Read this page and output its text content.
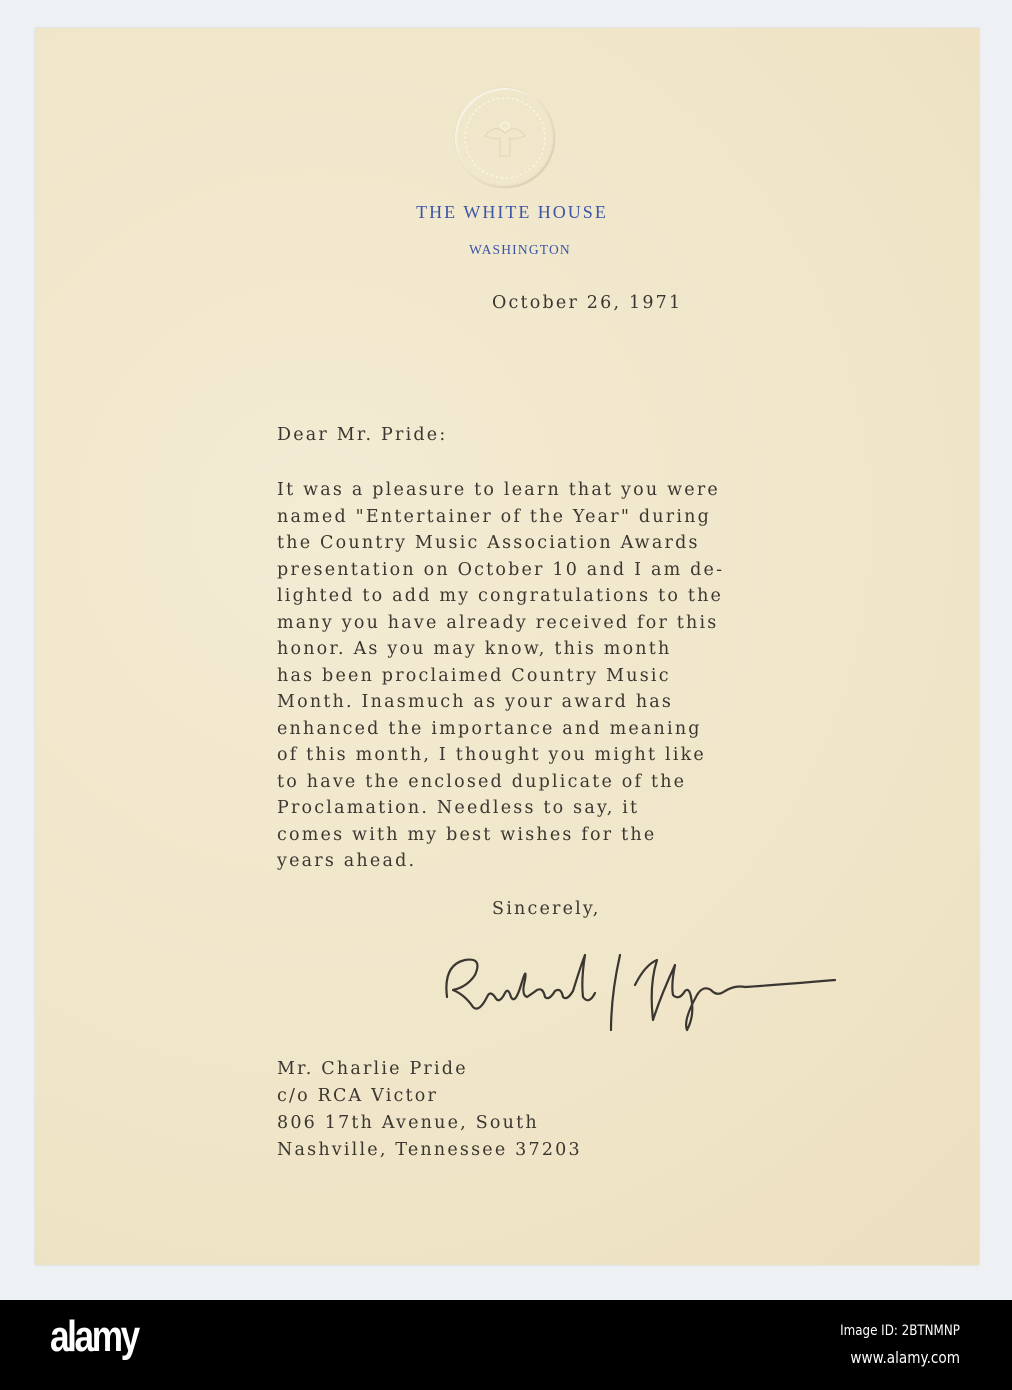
THE WHITE HOUSE
WASHINGTON
October 26, 1971
Dear Mr. Pride:
It was a pleasure to learn that you were
named "Entertainer of the Year" during
the Country Music Association Awards
presentation on October 10 and I am de-
lighted to add my congratulations to the
many you have already received for this
honor. As you may know, this month
has been proclaimed Country Music
Month. Inasmuch as your award has
enhanced the importance and meaning
of this month, I thought you might like
to have the enclosed duplicate of the
Proclamation. Needless to say, it
comes with my best wishes for the
years ahead.
Sincerely,
Mr. Charlie Pride
c/o RCA Victor
806 17th Avenue, South
Nashville, Tennessee 37203
alamy	Image ID: 2BTNMNP
www.alamy.com
